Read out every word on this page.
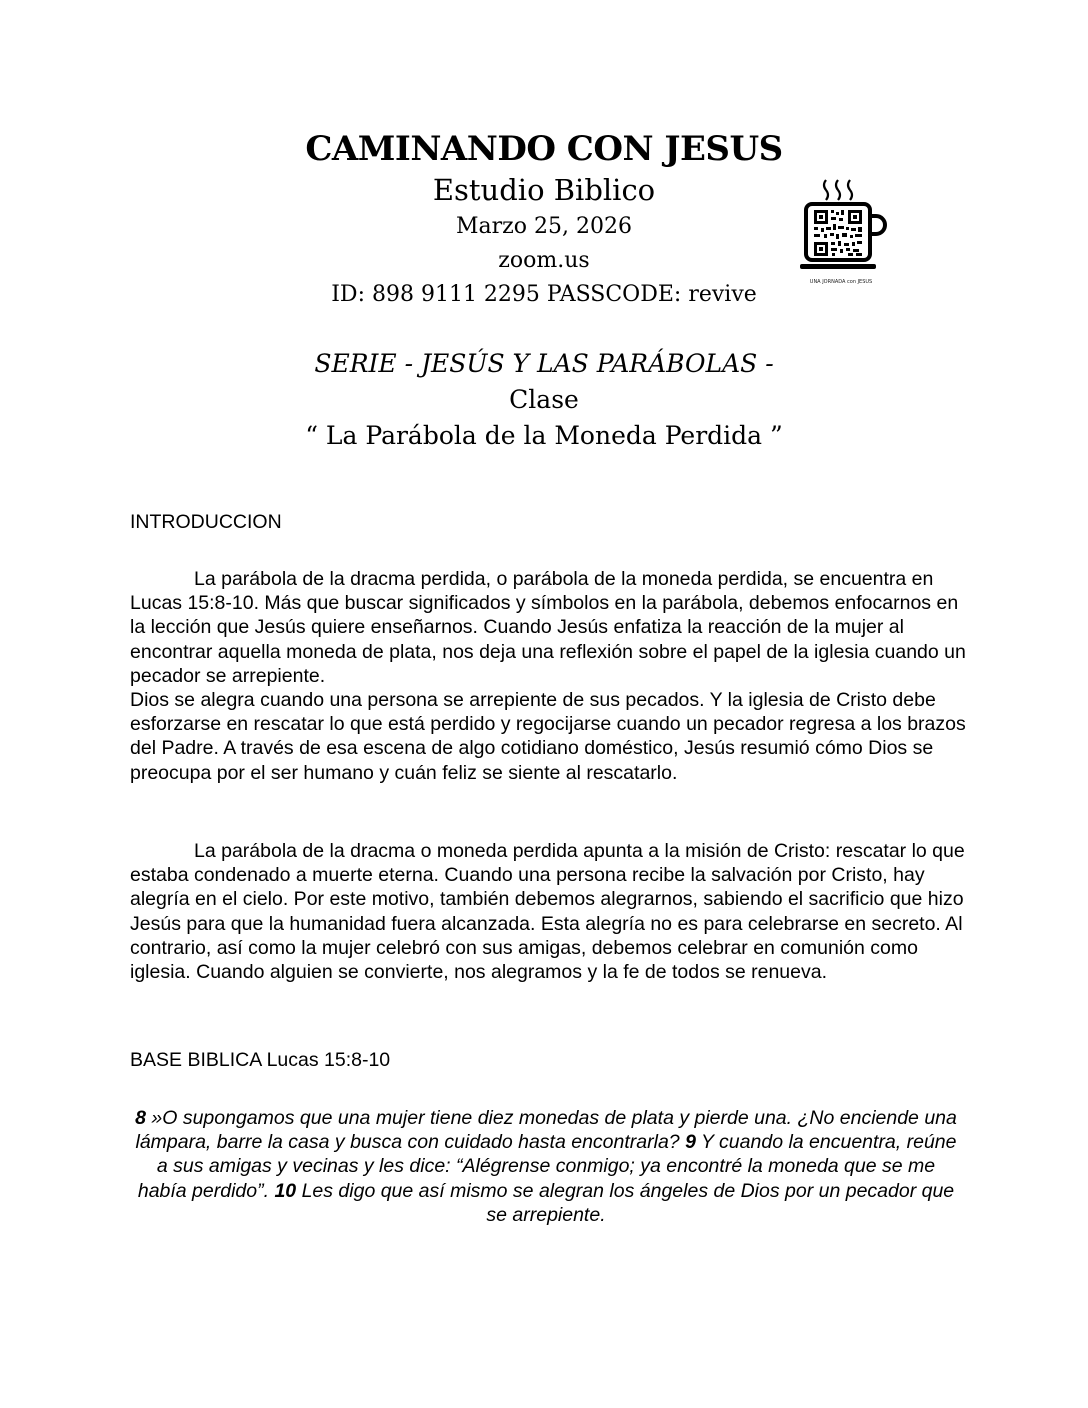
CAMINANDO CON JESUS
Estudio Biblico
Marzo 25, 2026
zoom.us
ID: 898 9111 2295 PASSCODE: revive	UNA JORNADA con JESUS
SERIE - JESÚS Y LAS PARÁBOLAS -
Clase
“ La Parábola de la Moneda Perdida ”
INTRODUCCION

La parábola de la dracma perdida, o parábola de la moneda perdida, se encuentra en Lucas 15:8-10. Más que buscar significados y símbolos en la parábola, debemos enfocarnos en la lección que Jesús quiere enseñarnos. Cuando Jesús enfatiza la reacción de la mujer al encontrar aquella moneda de plata, nos deja una reflexión sobre el papel de la iglesia cuando un pecador se arrepiente.

Dios se alegra cuando una persona se arrepiente de sus pecados. Y la iglesia de Cristo debe esforzarse en rescatar lo que está perdido y regocijarse cuando un pecador regresa a los brazos del Padre. A través de esa escena de algo cotidiano doméstico, Jesús resumió cómo Dios se preocupa por el ser humano y cuán feliz se siente al rescatarlo.

La parábola de la dracma o moneda perdida apunta a la misión de Cristo: rescatar lo que estaba condenado a muerte eterna. Cuando una persona recibe la salvación por Cristo, hay alegría en el cielo. Por este motivo, también debemos alegrarnos, sabiendo el sacrificio que hizo Jesús para que la humanidad fuera alcanzada. Esta alegría no es para celebrarse en secreto. Al contrario, así como la mujer celebró con sus amigas, debemos celebrar en comunión como iglesia. Cuando alguien se convierte, nos alegramos y la fe de todos se renueva.

BASE BIBLICA Lucas 15:8-10
8 »O supongamos que una mujer tiene diez monedas de plata y pierde una. ¿No enciende una lámpara, barre la casa y busca con cuidado hasta encontrarla? 9 Y cuando la encuentra, reúne a sus amigas y vecinas y les dice: “Alégrense conmigo; ya encontré la moneda que se me había perdido”. 10 Les digo que así mismo se alegran los ángeles de Dios por un pecador que se arrepiente.
